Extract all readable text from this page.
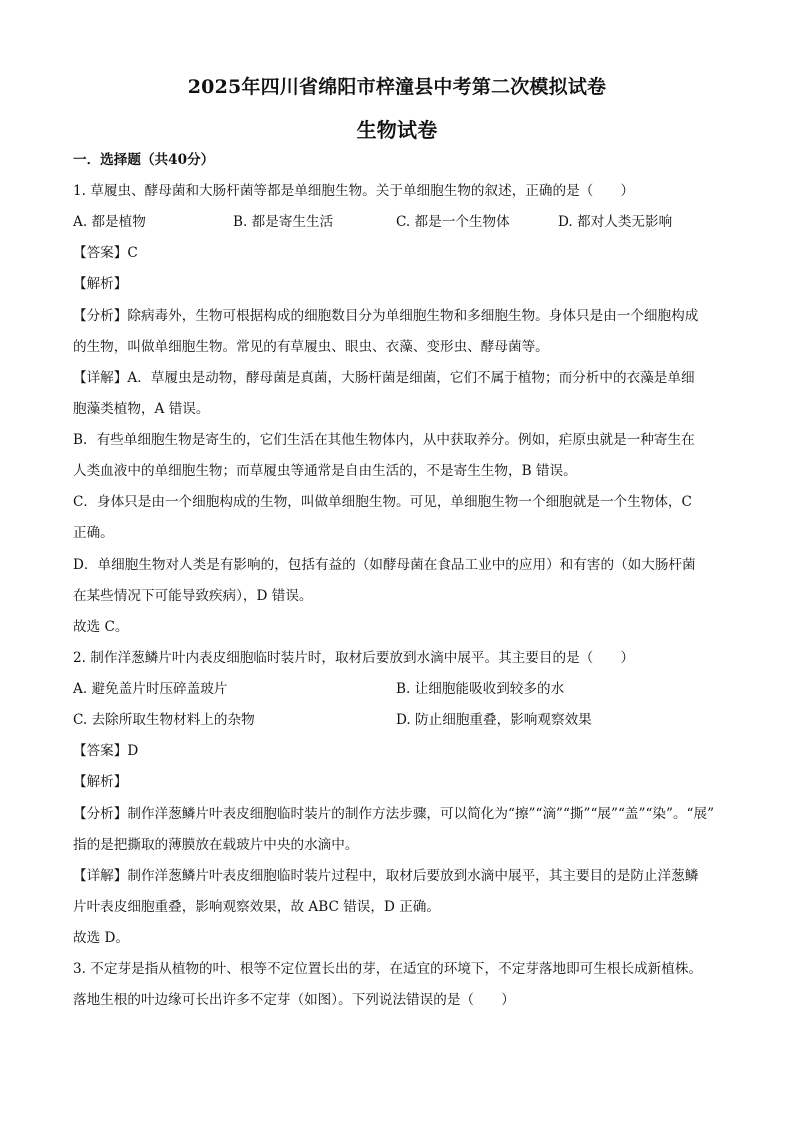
2025年四川省绵阳市梓潼县中考第二次模拟试卷
生物试卷
一．选择题（共40分）
1. 草履虫、酵母菌和大肠杆菌等都是单细胞生物。关于单细胞生物的叙述，正确的是（　　）
A. 都是植物	B. 都是寄生生活	C. 都是一个生物体	D. 都对人类无影响
【答案】C
【解析】
【分析】除病毒外，生物可根据构成的细胞数目分为单细胞生物和多细胞生物。身体只是由一个细胞构成
的生物，叫做单细胞生物。常见的有草履虫、眼虫、衣藻、变形虫、酵母菌等。
【详解】A．草履虫是动物，酵母菌是真菌，大肠杆菌是细菌，它们不属于植物；而分析中的衣藻是单细
胞藻类植物，A 错误。
B．有些单细胞生物是寄生的，它们生活在其他生物体内，从中获取养分。例如，疟原虫就是一种寄生在
人类血液中的单细胞生物；而草履虫等通常是自由生活的，不是寄生生物，B 错误。
C．身体只是由一个细胞构成的生物，叫做单细胞生物。可见，单细胞生物一个细胞就是一个生物体，C
正确。
D．单细胞生物对人类是有影响的，包括有益的（如酵母菌在食品工业中的应用）和有害的（如大肠杆菌
在某些情况下可能导致疾病），D 错误。
故选 C。
2. 制作洋葱鳞片叶内表皮细胞临时装片时，取材后要放到水滴中展平。其主要目的是（　　）
A. 避免盖片时压碎盖玻片	B. 让细胞能吸收到较多的水
C. 去除所取生物材料上的杂物	D. 防止细胞重叠，影响观察效果
【答案】D
【解析】
【分析】制作洋葱鳞片叶表皮细胞临时装片的制作方法步骤，可以简化为“擦”“滴”“撕”“展”“盖”“染”。“展”
指的是把撕取的薄膜放在载玻片中央的水滴中。
【详解】制作洋葱鳞片叶表皮细胞临时装片过程中，取材后要放到水滴中展平，其主要目的是防止洋葱鳞
片叶表皮细胞重叠，影响观察效果，故 ABC 错误，D 正确。
故选 D。
3. 不定芽是指从植物的叶、根等不定位置长出的芽，在适宜的环境下，不定芽落地即可生根长成新植株。
落地生根的叶边缘可长出许多不定芽（如图）。下列说法错误的是（　　）
